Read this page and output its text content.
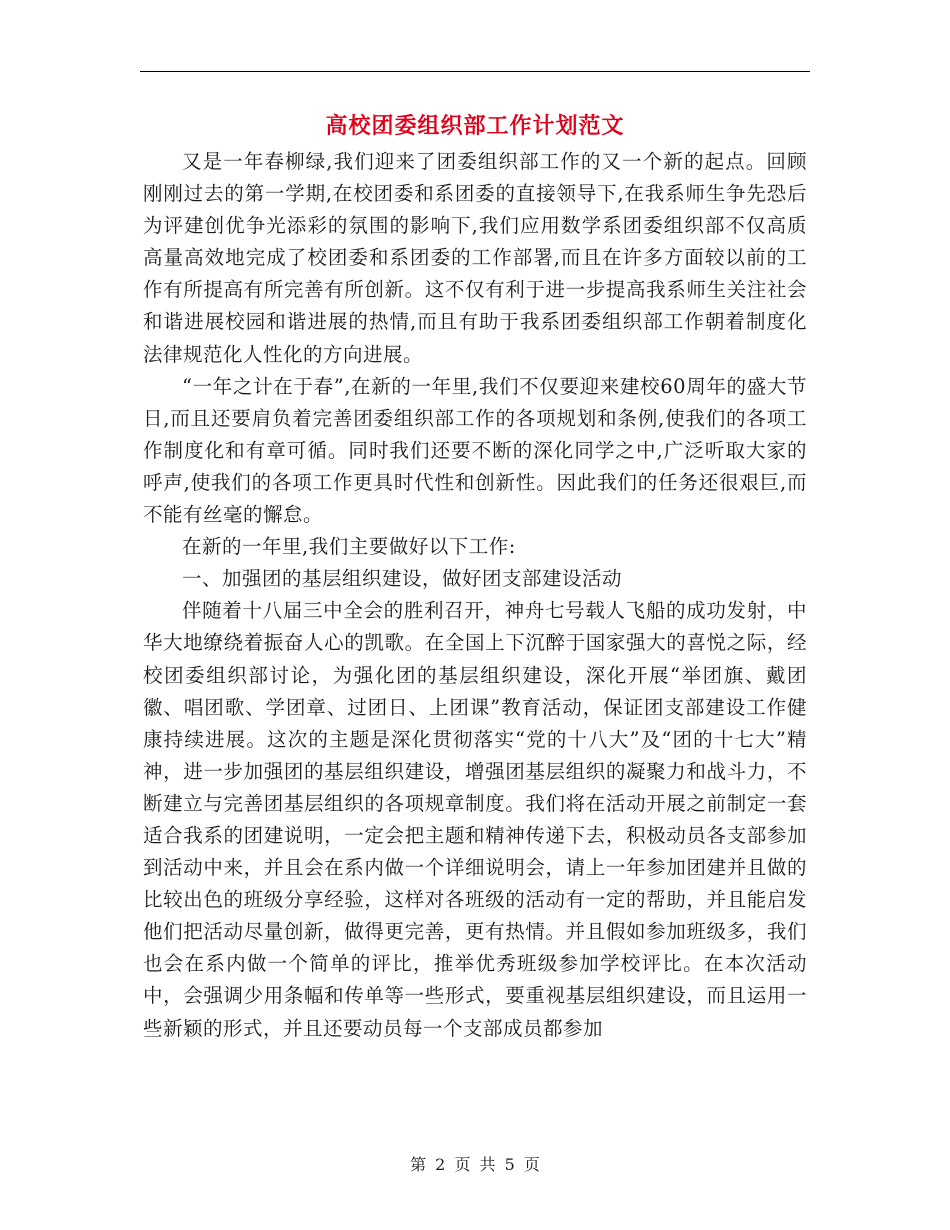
高校团委组织部工作计划范文

又是一年春柳绿,我们迎来了团委组织部工作的又一个新的起点。回顾刚刚过去的第一学期,在校团委和系团委的直接领导下,在我系师生争先恐后为评建创优争光添彩的氛围的影响下,我们应用数学系团委组织部不仅高质高量高效地完成了校团委和系团委的工作部署,而且在许多方面较以前的工作有所提高有所完善有所创新。这不仅有利于进一步提高我系师生关注社会和谐进展校园和谐进展的热情,而且有助于我系团委组织部工作朝着制度化法律规范化人性化的方向进展。

“一年之计在于春”,在新的一年里,我们不仅要迎来建校60周年的盛大节日,而且还要肩负着完善团委组织部工作的各项规划和条例,使我们的各项工作制度化和有章可循。同时我们还要不断的深化同学之中,广泛听取大家的呼声,使我们的各项工作更具时代性和创新性。因此我们的任务还很艰巨,而不能有丝毫的懈怠。

在新的一年里,我们主要做好以下工作:

一、加强团的基层组织建设，做好团支部建设活动

伴随着十八届三中全会的胜利召开，神舟七号载人飞船的成功发射，中华大地缭绕着振奋人心的凯歌。在全国上下沉醉于国家强大的喜悦之际，经校团委组织部讨论，为强化团的基层组织建设，深化开展“举团旗、戴团徽、唱团歌、学团章、过团日、上团课”教育活动，保证团支部建设工作健康持续进展。这次的主题是深化贯彻落实“党的十八大”及“团的十七大”精神，进一步加强团的基层组织建设，增强团基层组织的凝聚力和战斗力，不断建立与完善团基层组织的各项规章制度。我们将在活动开展之前制定一套适合我系的团建说明，一定会把主题和精神传递下去，积极动员各支部参加到活动中来，并且会在系内做一个详细说明会，请上一年参加团建并且做的比较出色的班级分享经验，这样对各班级的活动有一定的帮助，并且能启发他们把活动尽量创新，做得更完善，更有热情。并且假如参加班级多，我们也会在系内做一个简单的评比，推举优秀班级参加学校评比。在本次活动中，会强调少用条幅和传单等一些形式，要重视基层组织建设，而且运用一些新颖的形式，并且还要动员每一个支部成员都参加

第 2 页 共 5 页
